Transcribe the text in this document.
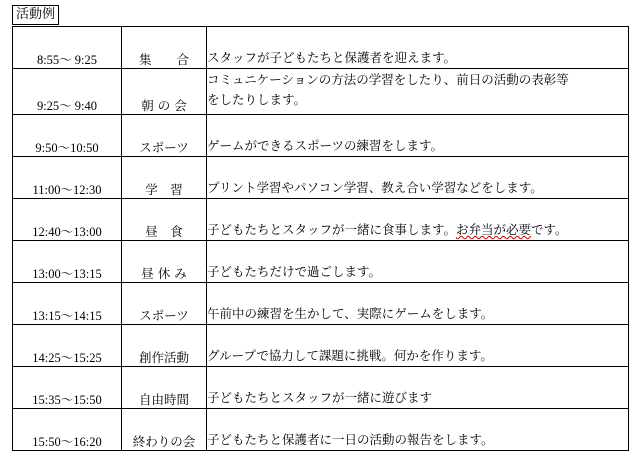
活動例
8:55～ 9:25	集　　合	スタッフが子どもたちと保護者を迎えます。
9:25～ 9:40	朝 の 会	コミュニケーションの方法の学習をしたり、前日の活動の表彰等
をしたりします。

9:50～10:50	スポーツ	ゲームができるスポーツの練習をします。
11:00～12:30	学　習	プリント学習やパソコン学習、教え合い学習などをします。
12:40～13:00	昼　食	子どもたちとスタッフが一緒に食事します。お弁当が必要です。
13:00～13:15	昼 休 み	子どもたちだけで過ごします。
13:15～14:15	スポーツ	午前中の練習を生かして、実際にゲームをします。
14:25～15:25	創作活動	グループで協力して課題に挑戦。何かを作ります。
15:35～15:50	自由時間	子どもたちとスタッフが一緒に遊びます
15:50～16:20	終わりの会	子どもたちと保護者に一日の活動の報告をします。
